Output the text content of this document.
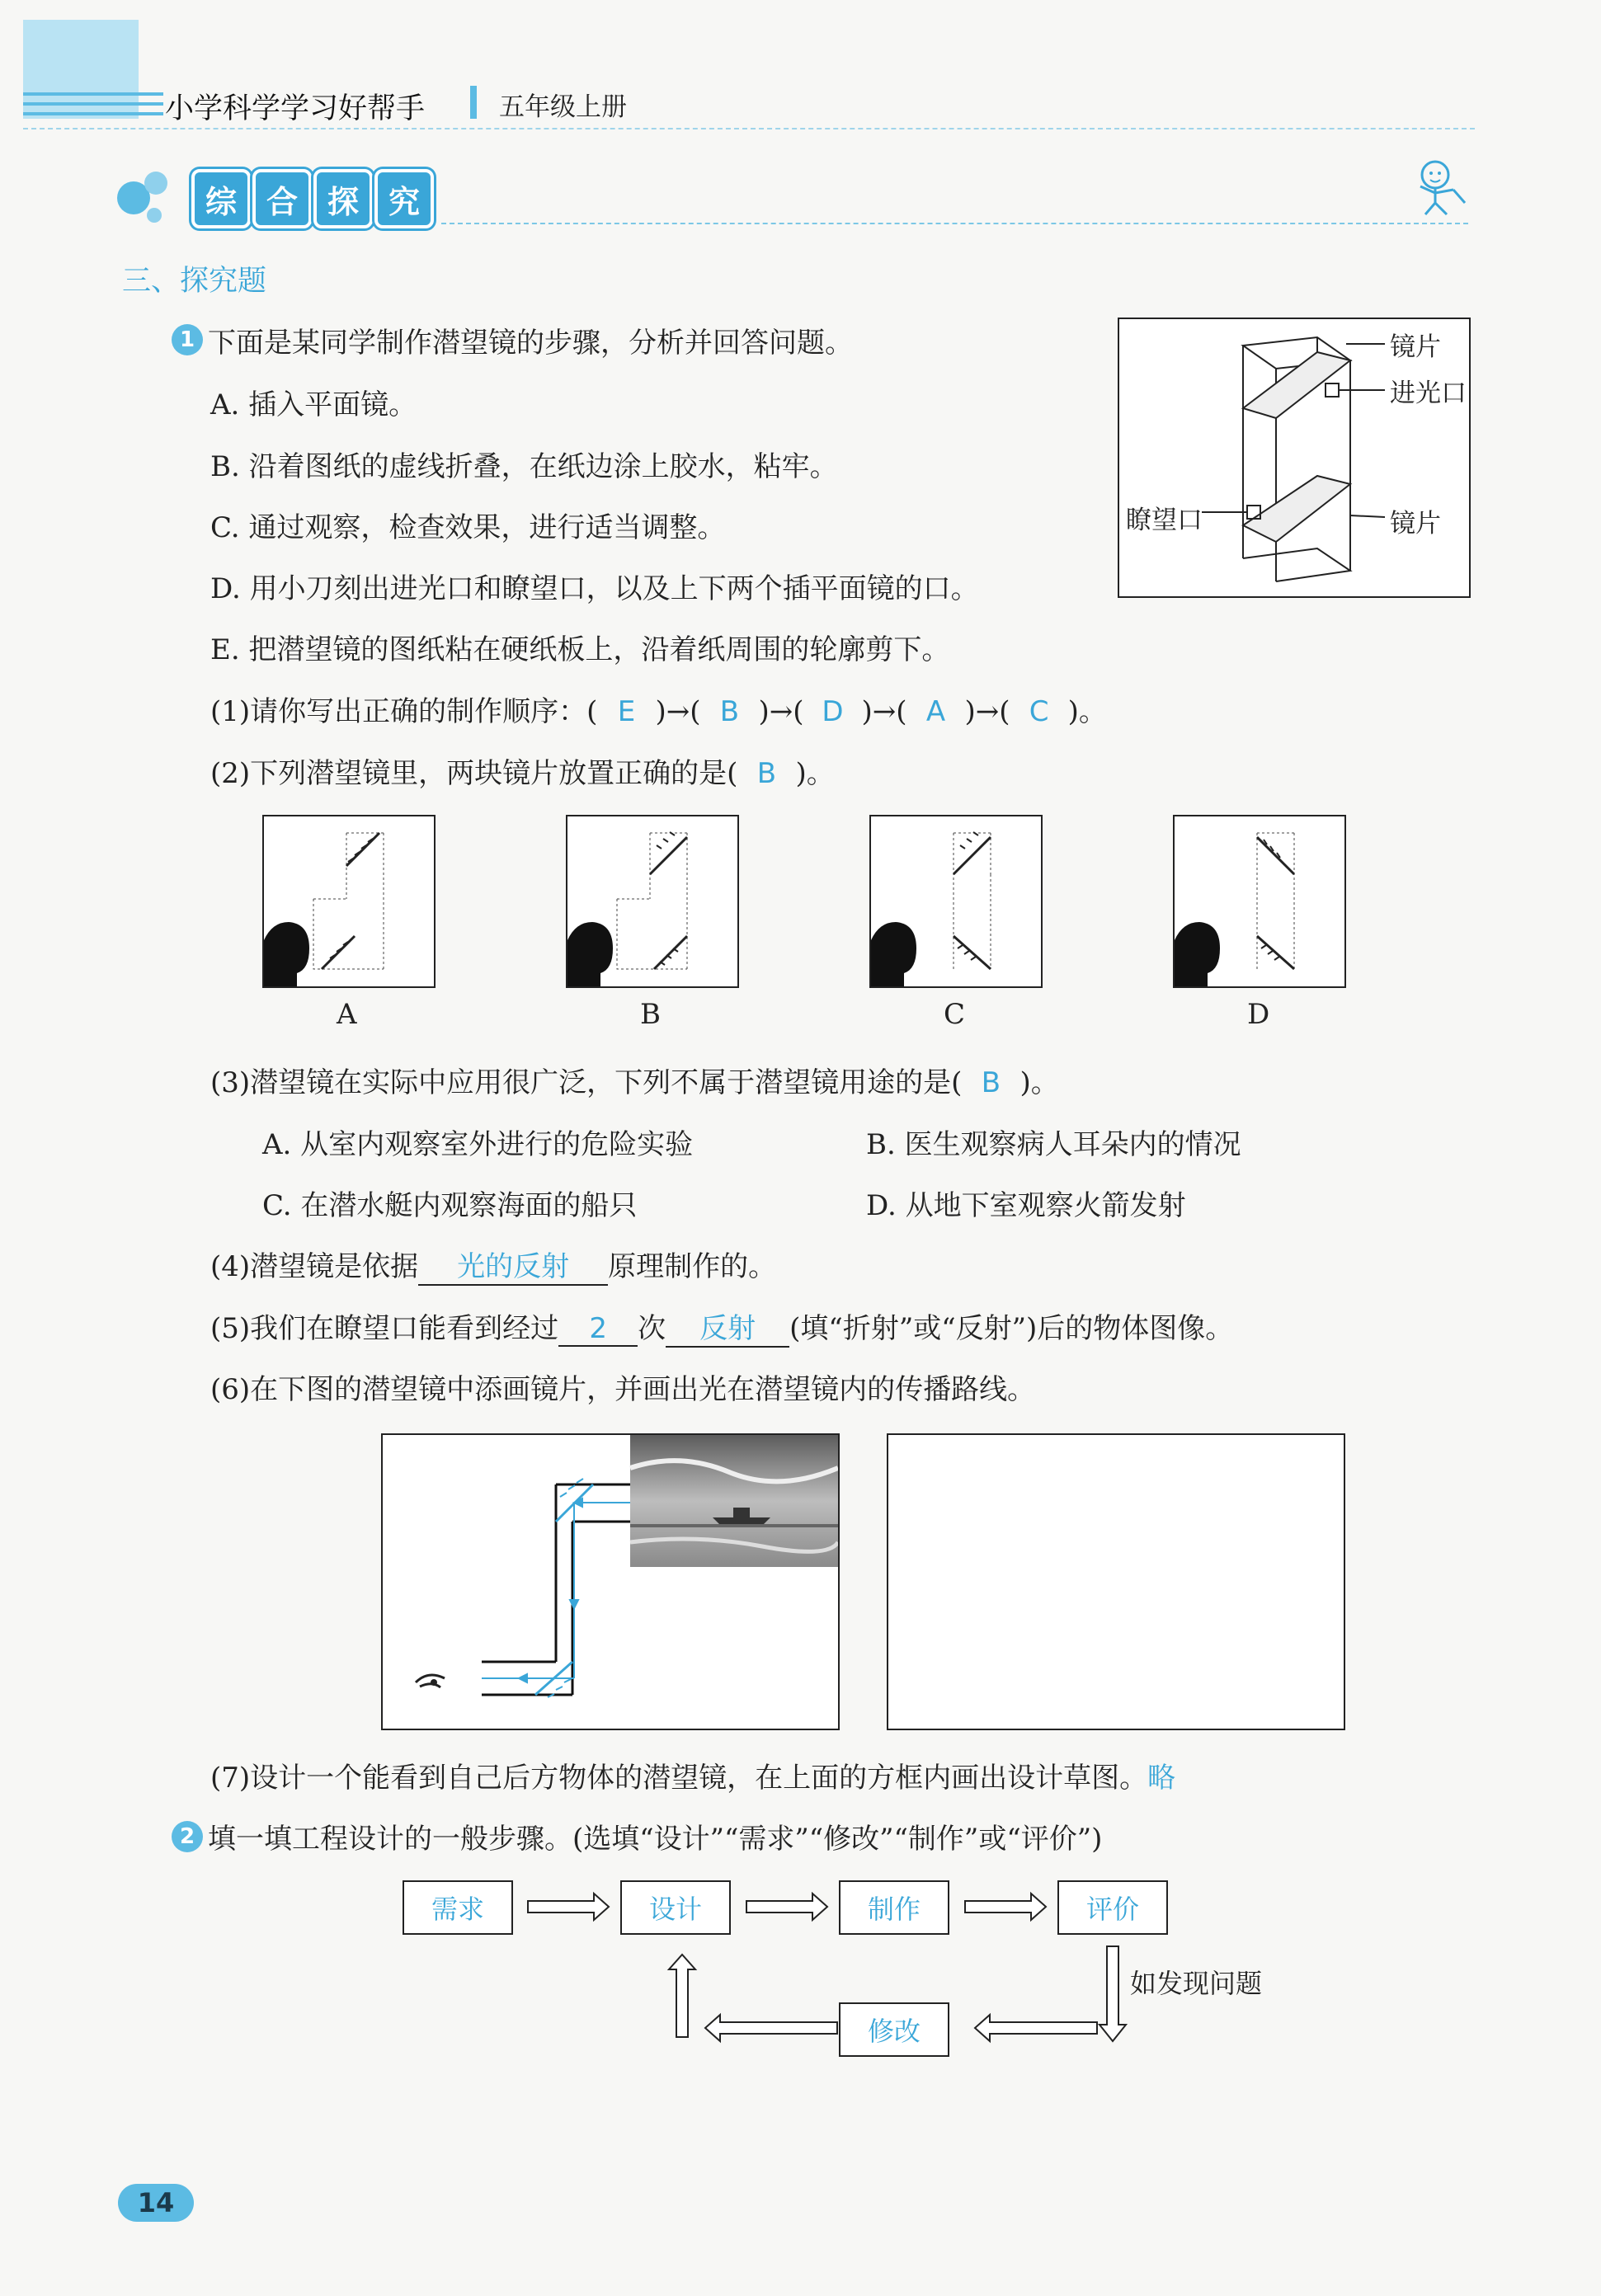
小学科学学习好帮手	五年级上册
综 合 探 究
三、探究题
1 下面是某同学制作潜望镜的步骤，分析并回答问题。
A. 插入平面镜。
B. 沿着图纸的虚线折叠，在纸边涂上胶水，粘牢。
C. 通过观察，检查效果，进行适当调整。
D. 用小刀刻出进光口和瞭望口，以及上下两个插平面镜的口。
E. 把潜望镜的图纸粘在硬纸板上，沿着纸周围的轮廓剪下。
镜片
进光口
瞭望口	镜片
(1)请你写出正确的制作顺序：( E )→( B )→( D )→( A )→( C )。
(2)下列潜望镜里，两块镜片放置正确的是( B )。
A	B	C	D
(3)潜望镜在实际中应用很广泛，下列不属于潜望镜用途的是( B )。
A. 从室内观察室外进行的危险实验	B. 医生观察病人耳朵内的情况
C. 在潜水艇内观察海面的船只	D. 从地下室观察火箭发射
(4)潜望镜是依据 光的反射 原理制作的。
(5)我们在瞭望口能看到经过 2 次 反射 (填“折射”或“反射”)后的物体图像。
(6)在下图的潜望镜中添画镜片，并画出光在潜望镜内的传播路线。
(7)设计一个能看到自己后方物体的潜望镜，在上面的方框内画出设计草图。略
2 填一填工程设计的一般步骤。(选填“设计”“需求”“修改”“制作”或“评价”)
需求	设计	制作	评价
修改
如发现问题
14
